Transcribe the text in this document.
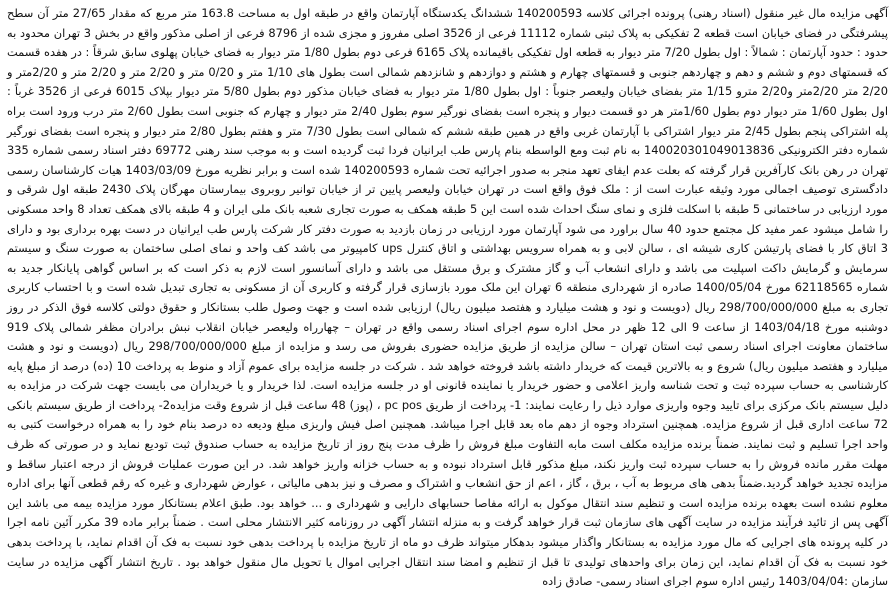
آگهی مزایده مال غیر منقول (اسناد رهنی) پرونده اجرائی کلاسه 140200593 ششدانگ یکدستگاه آپارتمان واقع در طبقه اول به مساحت 163.8 متر مربع که مقدار 27/65 متر آن سطح پیشرفتگی در فضای خیابان است قطعه 2 تفکیکی به پلاک ثبتی شماره 11112 فرعی از 3526 اصلی مفروز و مجزی شده از 8796 فرعی از اصلی مذکور واقع در بخش 3 تهران محدود به حدود : حدود آپارتمان : شمالاً : اول بطول 7/20 متر دیوار به قطعه اول تفکیکی باقیمانده پلاک 6165 فرعی دوم بطول 1/80 متر دیوار به فضای خیابان پهلوی سابق شرقاً : در هفده قسمت که قسمتهای دوم و ششم و دهم و چهاردهم جنوبی و قسمتهای چهارم و هشتم و دوازدهم و شانزدهم شمالی است بطول های 1/10 متر و 0/20 متر و 2/20 متر و 2/20 متر و 2/20متر و 2/20 متر 2/20متر و2/20 مترو 1/15 متر بفضای خیابان ولیعصر جنوباً : اول بطول 1/80 متر دیوار به فضای خیابان مذکور دوم بطول 5/80 متر دیوار بپلاک 6015 فرعی از 3526 غرباً : اول بطول 1/60 متر دیوار دوم بطول 1/60متر هر دو قسمت دیوار و پنجره است بفضای نورگیر سوم بطول 2/40 متر دیوار و چهارم که جنوبی است بطول 2/60 متر درب ورود است براه پله اشتراکی پنجم بطول 2/45 متر دیوار اشتراکی با آپارتمان غربی واقع در همین طبقه ششم که شمالی است بطول 7/30 متر و هفتم بطول 2/80 متر دیوار و پنجره است بفضای نورگیر شماره دفتر الکترونیکی 140020301049013836 به نام ثبت ومع الواسطه بنام پارس طب ایرانیان فردا ثبت گردیده است و به موجب سند رهنی 69772 دفتر اسناد رسمی شماره 335 تهران در رهن بانک کارآفرین قرار گرفته که بعلت عدم ایفای تعهد منجر به صدور اجرائیه تحت شماره 140200593 شده است و برابر نظریه مورخ 1403/03/09 هیات کارشناسان رسمی دادگستری توصیف اجمالی مورد وثیقه عبارت است از : ملک فوق واقع است در تهران خیابان ولیعصر پایین تر از خیابان توانیر روبروی بیمارستان مهرگان پلاک 2430 طبقه اول شرقی و مورد ارزیابی در ساختمانی 5 طبقه با اسکلت فلزی و نمای سنگ احداث شده است این 5 طبقه همکف به صورت تجاری شعبه بانک ملی ایران و 4 طبقه بالای همکف تعداد 8 واحد مسکونی را شامل میشود عمر مفید کل مجتمع حدود 40 سال براورد می شود آپارتمان مورد ارزیابی در زمان بازدید به صورت دفتر کار شرکت پارس طب ایرانیان در دست بهره برداری بود و دارای 3 اتاق کار با فضای پارتیشن کاری شیشه ای ، سالن لابی و به همراه سرویس بهداشتی و اتاق کنترل ups کامپیوتر می باشد کف واحد و نمای اصلی ساختمان به صورت سنگ و سیستم سرمایش و گرمایش داکت اسپلیت می باشد و دارای انشعاب آب و گاز مشترک و برق مستقل می باشد و دارای آسانسور است لازم به ذکر است که بر اساس گواهی پایانکار جدید به شماره 62118565 مورخ 1400/05/04 صادره از شهرداری منطقه 6 تهران این ملک مورد بازسازی قرار گرفته و کاربری آن از مسکونی به تجاری تبدیل شده است و با احتساب کاربری تجاری به مبلغ 298/700/000/000 ریال (دویست و نود و هشت میلیارد و هفتصد میلیون ریال) ارزیابی شده است و جهت وصول طلب بستانکار و حقوق دولتی کلاسه فوق الذکر در روز دوشنبه مورخ 1403/04/18 از ساعت 9 الی 12 ظهر در محل اداره سوم اجرای اسناد رسمی واقع در تهران – چهارراه ولیعصر خیابان انقلاب نبش برادران مظفر شمالی پلاک 919 ساختمان معاونت اجرای اسناد رسمی ثبت استان تهران – سالن مزایده از طریق مزایده حضوری بفروش می رسد و مزایده از مبلغ 298/700/000/000 ریال (دویست و نود و هشت میلیارد و هفتصد میلیون ریال) شروع و به بالاترین قیمت که خریدار داشته باشد فروخته خواهد شد . شرکت در جلسه مزایده برای عموم آزاد و منوط به پرداخت 10 (ده) درصد از مبلغ پایه کارشناسی به حساب سپرده ثبت و تحت شناسه واریز اعلامی و حضور خریدار یا نماینده قانونی او در جلسه مزایده است. لذا خریدار و یا خریداران می بایست جهت شرکت در مزایده به دلیل سیستم بانک مرکزی برای تایید وجوه واریزی موارد ذیل را رعایت نمایند: 1- پرداخت از طریق pc pos ، (پوز) 48 ساعت قبل از شروع وقت مزایده2- پرداخت از طریق سیستم بانکی 72 ساعت اداری قبل از شروع مزایده. همچنین استرداد وجوه از دهم ماه بعد قابل اجرا میباشد. همچنین اصل فیش واریزی مبلغ ودیعه ده درصد بنام خود را به همراه درخواست کتبی به واحد اجرا تسلیم و ثبت نمایند. ضمناً برنده مزایده مکلف است مابه التفاوت مبلغ فروش را ظرف مدت پنج روز از تاریخ مزایده به حساب صندوق ثبت تودیع نماید و در صورتی که ظرف مهلت مقرر مانده فروش را به حساب سپرده ثبت واریز نکند، مبلغ مذکور قابل استرداد نبوده و به حساب خزانه واریز خواهد شد. در این صورت عملیات فروش از درجه اعتبار ساقط و مزایده تجدید خواهد گردید.ضمناً بدهی های مربوط به آب ، برق ، گاز ، اعم از حق انشعاب و اشتراک و مصرف و نیز بدهی مالیاتی ، عوارض شهرداری و غیره که رقم قطعی آنها برای اداره معلوم نشده است بعهده برنده مزایده است و تنظیم سند انتقال موکول به ارائه مفاصا حسابهای دارایی و شهرداری و ... خواهد بود. طبق اعلام بستانکار مورد مزایده بیمه می باشد این آگهی پس از تائید فرآیند مزایده در سایت آگهی های سازمان ثبت قرار خواهد گرفت و به منزله انتشار آگهی در روزنامه کثیر الانتشار محلی است . ضمناً برابر ماده 39 مکرر آئین نامه اجرا در کلیه پرونده های اجرایی که مال مورد مزایده به بستانکار واگذار میشود بدهکار میتواند ظرف دو ماه از تاریخ مزایده با پرداخت بدهی خود نسبت به فک آن اقدام نماید، با پرداخت بدهی خود نسبت به فک آن اقدام نماید، این زمان برای واحدهای تولیدی تا قبل از تنظیم و امضا سند انتقال اجرایی اموال یا تحویل مال منقول خواهد بود . تاریخ انتشار آگهی مزایده در سایت سازمان :1403/04/04 رئیس اداره سوم اجرای اسناد رسمی- صادق زاده
